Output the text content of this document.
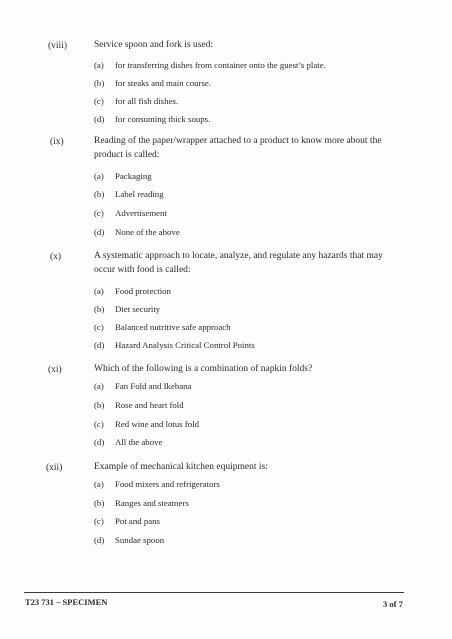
(viii)	Service spoon and fork is used:
(a) for transferring dishes from container onto the guest’s plate.
(b) for steaks and main course.
(c) for all fish dishes.
(d) for consuming thick soups.
(ix)	Reading of the paper/wrapper attached to a product to know more about the product is called:
(a) Packaging
(b) Label reading
(c) Advertisement
(d) None of the above
(x)	A systematic approach to locate, analyze, and regulate any hazards that may occur with food is called:
(a) Food protection
(b) Diet security
(c) Balanced nutritive safe approach
(d) Hazard Analysis Critical Control Points
(xi)	Which of the following is a combination of napkin folds?
(a) Fan Fold and Ikebana
(b) Rose and heart fold
(c) Red wine and lotus fold
(d) All the above
(xii)	Example of mechanical kitchen equipment is:
(a) Food mixers and refrigerators
(b) Ranges and steamers
(c) Pot and pans
(d) Sundae spoon
T23 731 – SPECIMEN	3 of 7
